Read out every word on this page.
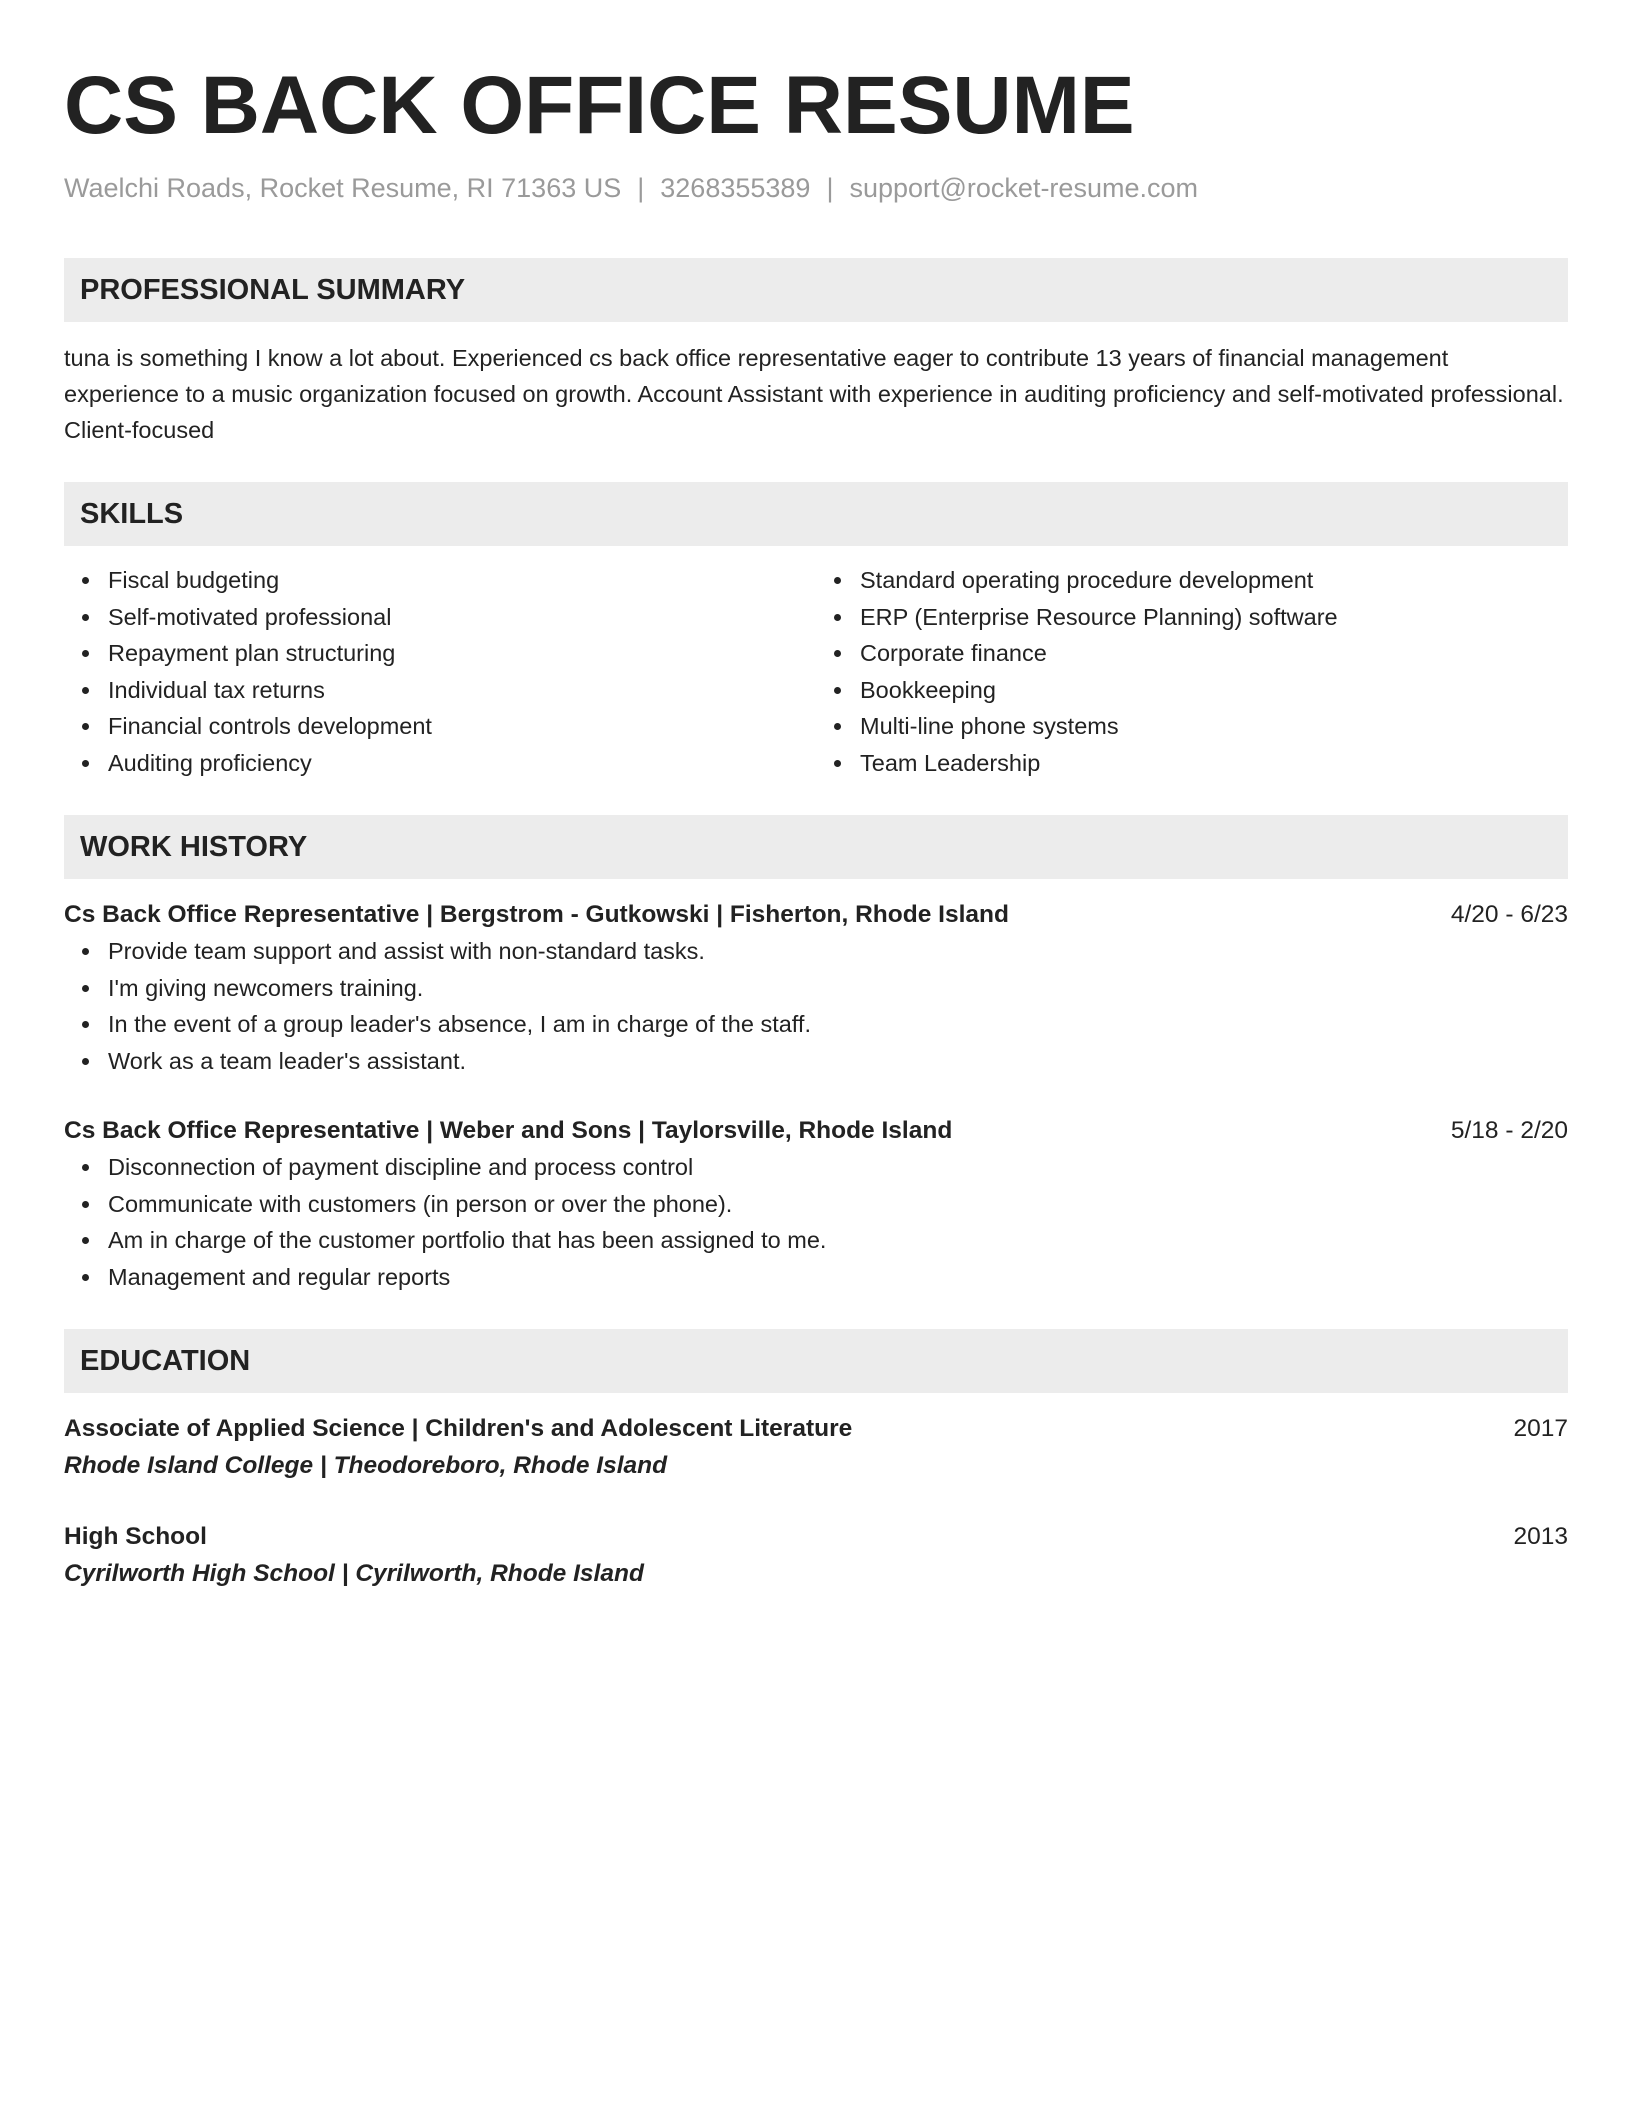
CS BACK OFFICE RESUME
Waelchi Roads, Rocket Resume, RI 71363 US | 3268355389 | support@rocket-resume.com
PROFESSIONAL SUMMARY
tuna is something I know a lot about. Experienced cs back office representative eager to contribute 13 years of financial management experience to a music organization focused on growth. Account Assistant with experience in auditing proficiency and self-motivated professional. Client-focused
SKILLS
Fiscal budgeting
Self-motivated professional
Repayment plan structuring
Individual tax returns
Financial controls development
Auditing proficiency
Standard operating procedure development
ERP (Enterprise Resource Planning) software
Corporate finance
Bookkeeping
Multi-line phone systems
Team Leadership
WORK HISTORY
Cs Back Office Representative | Bergstrom - Gutkowski | Fisherton, Rhode Island	4/20 - 6/23
Provide team support and assist with non-standard tasks.
I'm giving newcomers training.
In the event of a group leader's absence, I am in charge of the staff.
Work as a team leader's assistant.
Cs Back Office Representative | Weber and Sons | Taylorsville, Rhode Island	5/18 - 2/20
Disconnection of payment discipline and process control
Communicate with customers (in person or over the phone).
Am in charge of the customer portfolio that has been assigned to me.
Management and regular reports
EDUCATION
Associate of Applied Science | Children's and Adolescent Literature	2017
Rhode Island College | Theodoreboro, Rhode Island
High School	2013
Cyrilworth High School | Cyrilworth, Rhode Island
